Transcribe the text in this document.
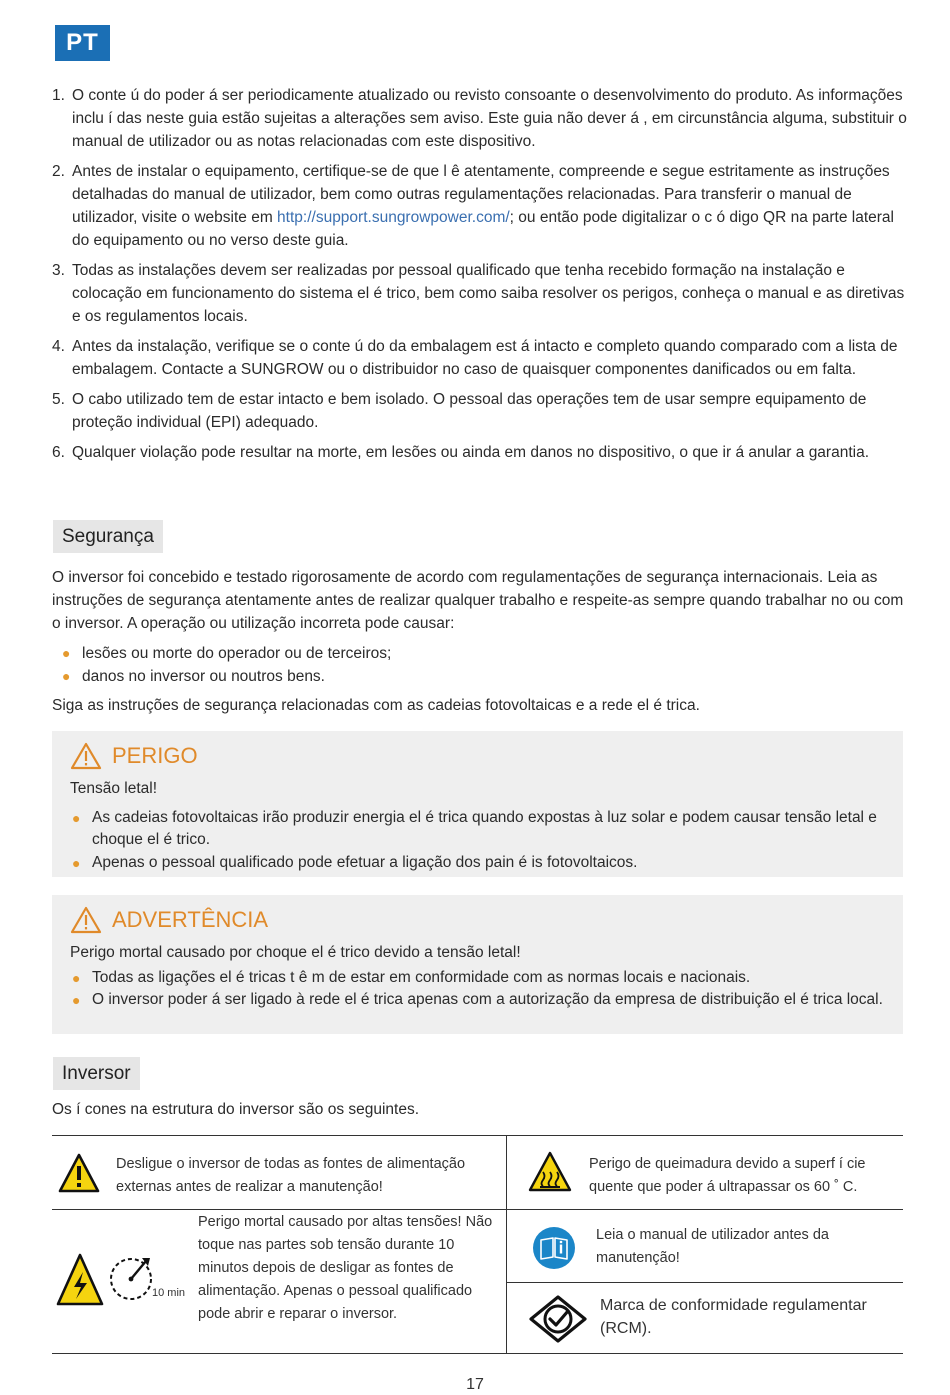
PT
1. O conte ú do poder á ser periodicamente atualizado ou revisto consoante o desenvolvimento do produto. As informações inclu í das neste guia estão sujeitas a alterações sem aviso. Este guia não dever á , em circunstância alguma, substituir o manual de utilizador ou as notas relacionadas com este dispositivo.
2. Antes de instalar o equipamento, certifique-se de que l ê atentamente, compreende e segue estritamente as instruções detalhadas do manual de utilizador, bem como outras regulamentações relacionadas. Para transferir o manual de utilizador, visite o website em http://support.sungrowpower.com/; ou então pode digitalizar o c ó digo QR na parte lateral do equipamento ou no verso deste guia.
3. Todas as instalações devem ser realizadas por pessoal qualificado que tenha recebido formação na instalação e colocação em funcionamento do sistema el é trico, bem como saiba resolver os perigos, conheça o manual e as diretivas e os regulamentos locais.
4. Antes da instalação, verifique se o conte ú do da embalagem est á intacto e completo quando comparado com a lista de embalagem. Contacte a SUNGROW ou o distribuidor no caso de quaisquer componentes danificados ou em falta.
5. O cabo utilizado tem de estar intacto e bem isolado. O pessoal das operações tem de usar sempre equipamento de proteção individual (EPI) adequado.
6. Qualquer violação pode resultar na morte, em lesões ou ainda em danos no dispositivo, o que ir á anular a garantia.
Segurança

O inversor foi concebido e testado rigorosamente de acordo com regulamentações de segurança internacionais. Leia as instruções de segurança atentamente antes de realizar qualquer trabalho e respeite-as sempre quando trabalhar no ou com o inversor. A operação ou utilização incorreta pode causar:

● lesões ou morte do operador ou de terceiros;
● danos no inversor ou noutros bens.

Siga as instruções de segurança relacionadas com as cadeias fotovoltaicas e a rede el é trica.

PERIGO
Tensão letal!
● As cadeias fotovoltaicas irão produzir energia el é trica quando expostas à luz solar e podem causar tensão letal e choque el é trico.
● Apenas o pessoal qualificado pode efetuar a ligação dos pain é is fotovoltaicos.
ADVERTÊNCIA
Perigo mortal causado por choque el é trico devido a tensão letal!
● Todas as ligações el é tricas t ê m de estar em conformidade com as normas locais e nacionais.
● O inversor poder á ser ligado à rede el é trica apenas com a autorização da empresa de distribuição el é trica local.
Inversor
Os í cones na estrutura do inversor são os seguintes.
Desligue o inversor de todas as fontes de alimentação externas antes de realizar a manutenção!
Perigo de queimadura devido a superf í cie quente que poder á ultrapassar os 60 ˚ C.
10 min
Perigo mortal causado por altas tensões! Não toque nas partes sob tensão durante 10 minutos depois de desligar as fontes de alimentação. Apenas o pessoal qualificado pode abrir e reparar o inversor.
Leia o manual de utilizador antes da manutenção!
Marca de conformidade regulamentar (RCM).
17
